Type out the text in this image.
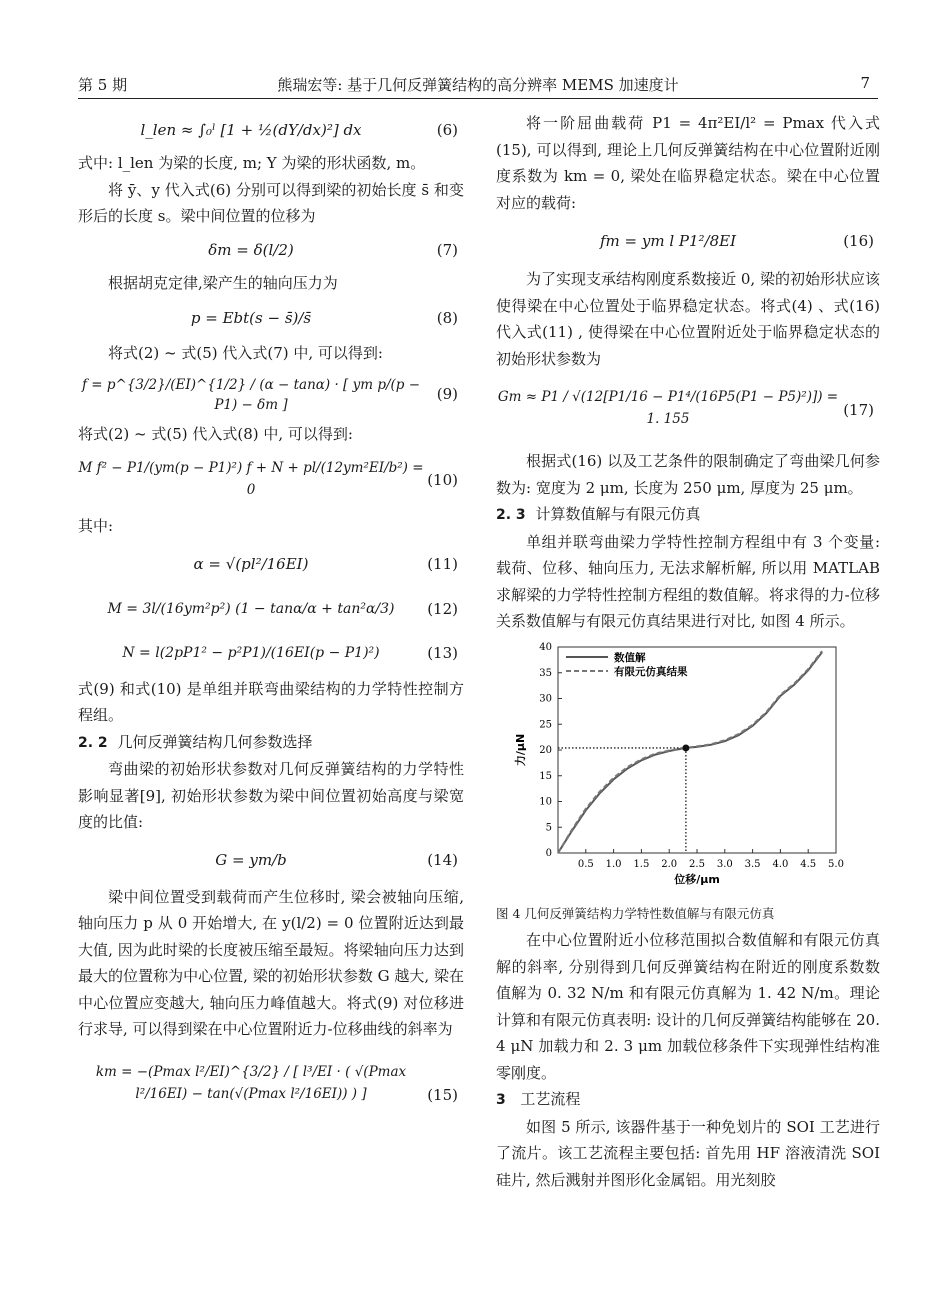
第 5 期	熊瑞宏等: 基于几何反弹簧结构的高分辨率 MEMS 加速度计	7
l_len ≈ ∫₀ˡ [1 + ½(dY/dx)²] dx	(6)

式中: l_len 为梁的长度, m; Y 为梁的形状函数, m。

将 ȳ、y 代入式(6) 分别可以得到梁的初始长度 s̄ 和变形后的长度 s。梁中间位置的位移为

δm = δ(l/2)	(7)

根据胡克定律,梁产生的轴向压力为

p = Ebt(s − s̄)/s̄	(8)

将式(2) ~ 式(5) 代入式(7) 中, 可以得到:

f = p^{3/2}/(EI)^{1/2} / (α − tanα) · [ ym p/(p − P1) − δm ]
(9)

将式(2) ~ 式(5) 代入式(8) 中, 可以得到:

M f² − P1/(ym(p − P1)²) f + N + pl/(12ym²EI/b²) = 0
(10)

其中:

α = √(pl²/16EI)	(11)
M = 3l/(16ym²p²) (1 − tanα/α + tan²α/3)	(12)
N = l(2pP1² − p²P1)/(16EI(p − P1)²)	(13)

式(9) 和式(10) 是单组并联弯曲梁结构的力学特性控制方程组。

2. 2 几何反弹簧结构几何参数选择

弯曲梁的初始形状参数对几何反弹簧结构的力学特性影响显著[9], 初始形状参数为梁中间位置初始高度与梁宽度的比值:

G = ym/b	(14)

梁中间位置受到载荷而产生位移时, 梁会被轴向压缩, 轴向压力 p 从 0 开始增大, 在 y(l/2) = 0 位置附近达到最大值, 因为此时梁的长度被压缩至最短。将梁轴向压力达到最大的位置称为中心位置, 梁的初始形状参数 G 越大, 梁在中心位置应变越大, 轴向压力峰值越大。将式(9) 对位移进行求导, 可以得到梁在中心位置附近力-位移曲线的斜率为

km = −(Pmax l²/EI)^{3/2} / [ l³/EI · ( √(Pmax l²/16EI) − tan(√(Pmax l²/16EI)) ) ]	(15)

将一阶屈曲载荷 P1 = 4π²EI/l² = Pmax 代入式(15), 可以得到, 理论上几何反弹簧结构在中心位置附近刚度系数为 km = 0, 梁处在临界稳定状态。梁在中心位置对应的载荷:

fm = ym l P1²/8EI	(16)

为了实现支承结构刚度系数接近 0, 梁的初始形状应该使得梁在中心位置处于临界稳定状态。将式(4) 、式(16) 代入式(11) , 使得梁在中心位置附近处于临界稳定状态的初始形状参数为

Gm ≈ P1 / √(12[P1/16 − P1⁴/(16P5(P1 − P5)²)]) = 1. 155
(17)

根据式(16) 以及工艺条件的限制确定了弯曲梁几何参数为: 宽度为 2 μm, 长度为 250 μm, 厚度为 25 μm。

2. 3 计算数值解与有限元仿真

单组并联弯曲梁力学特性控制方程组中有 3 个变量: 载荷、位移、轴向压力, 无法求解析解, 所以用 MATLAB 求解梁的力学特性控制方程组的数值解。将求得的力-位移关系数值解与有限元仿真结果进行对比, 如图 4 所示。

0.5 1.0 1.5 2.0 2.5 3.0 3.5 4.0 4.5 5.0
0
5
10
15
20
25
30
35
40
位移/μm
力/μN
数值解
有限元仿真结果

图 4 几何反弹簧结构力学特性数值解与有限元仿真

在中心位置附近小位移范围拟合数值解和有限元仿真解的斜率, 分别得到几何反弹簧结构在附近的刚度系数数值解为 0. 32 N/m 和有限元仿真解为 1. 42 N/m。理论计算和有限元仿真表明: 设计的几何反弹簧结构能够在 20. 4 μN 加载力和 2. 3 μm 加载位移条件下实现弹性结构准零刚度。

3 工艺流程

如图 5 所示, 该器件基于一种免划片的 SOI 工艺进行了流片。该工艺流程主要包括: 首先用 HF 溶液清洗 SOI 硅片, 然后溅射并图形化金属铝。用光刻胶
